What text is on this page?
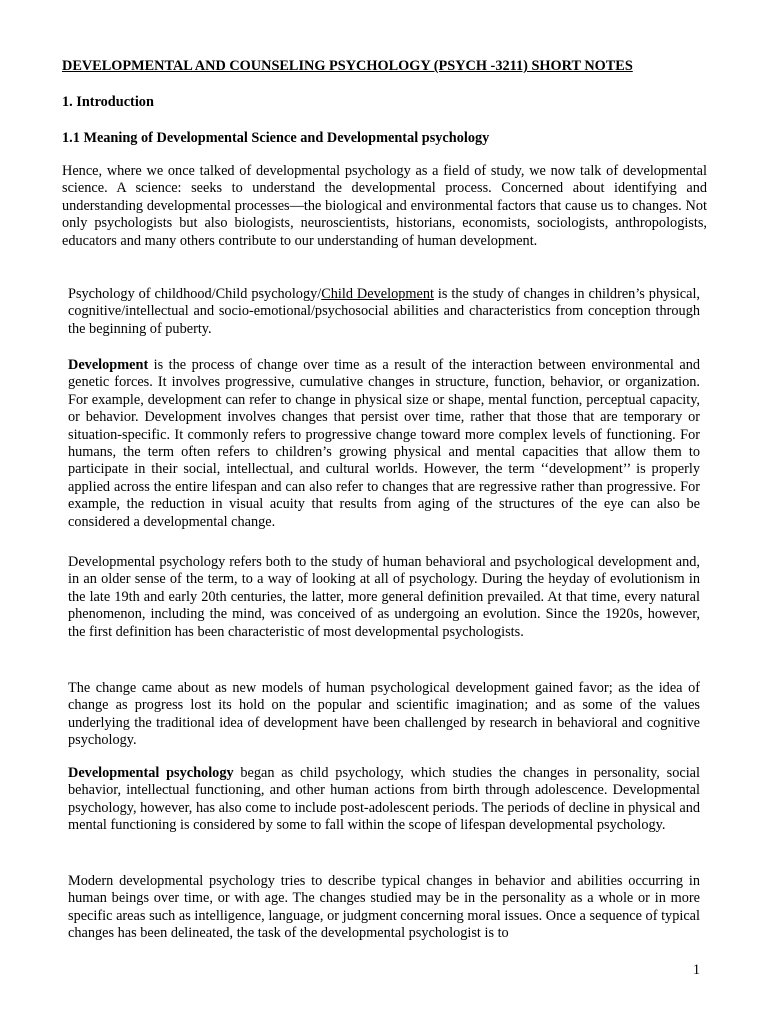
DEVELOPMENTAL AND COUNSELING PSYCHOLOGY (PSYCH -3211) SHORT NOTES
1. Introduction
1.1 Meaning of Developmental Science and Developmental psychology

Hence, where we once talked of developmental psychology as a field of study, we now talk of developmental science. A science: seeks to understand the developmental process. Concerned about identifying and understanding developmental processes—the biological and environmental factors that cause us to changes. Not only psychologists but also biologists, neuroscientists, historians, economists, sociologists, anthropologists, educators and many others contribute to our understanding of human development.

Psychology of childhood/Child psychology/Child Development is the study of changes in children’s physical, cognitive/intellectual and socio-emotional/psychosocial abilities and characteristics from conception through the beginning of puberty.

Development is the process of change over time as a result of the interaction between environmental and genetic forces. It involves progressive, cumulative changes in structure, function, behavior, or organization. For example, development can refer to change in physical size or shape, mental function, perceptual capacity, or behavior. Development involves changes that persist over time, rather that those that are temporary or situation-specific. It commonly refers to progressive change toward more complex levels of functioning. For humans, the term often refers to children’s growing physical and mental capacities that allow them to participate in their social, intellectual, and cultural worlds. However, the term ‘‘development’’ is properly applied across the entire lifespan and can also refer to changes that are regressive rather than progressive. For example, the reduction in visual acuity that results from aging of the structures of the eye can also be considered a developmental change.

Developmental psychology refers both to the study of human behavioral and psychological development and, in an older sense of the term, to a way of looking at all of psychology. During the heyday of evolutionism in the late 19th and early 20th centuries, the latter, more general definition prevailed. At that time, every natural phenomenon, including the mind, was conceived of as undergoing an evolution. Since the 1920s, however, the first definition has been characteristic of most developmental psychologists.

The change came about as new models of human psychological development gained favor; as the idea of change as progress lost its hold on the popular and scientific imagination; and as some of the values underlying the traditional idea of development have been challenged by research in behavioral and cognitive psychology.

Developmental psychology began as child psychology, which studies the changes in personality, social behavior, intellectual functioning, and other human actions from birth through adolescence. Developmental psychology, however, has also come to include post-adolescent periods. The periods of decline in physical and mental functioning is considered by some to fall within the scope of lifespan developmental psychology.

Modern developmental psychology tries to describe typical changes in behavior and abilities occurring in human beings over time, or with age. The changes studied may be in the personality as a whole or in more specific areas such as intelligence, language, or judgment concerning moral issues. Once a sequence of typical changes has been delineated, the task of the developmental psychologist is to

1
